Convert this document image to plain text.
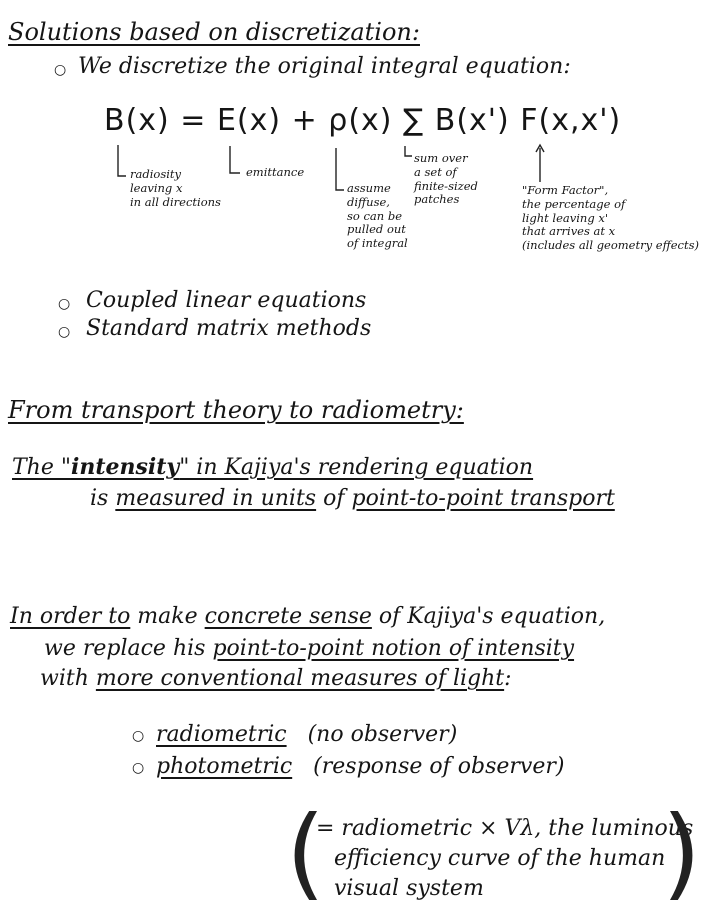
Solutions based on discretization:
○ We discretize the original integral equation:
B(x) = E(x) + ρ(x) ∑ B(x') F(x,x')
radiosity
leaving x
in all directions
emittance
assume
diffuse,
so can be
pulled out
of integral
sum over
a set of
finite-sized
patches
"Form Factor",
the percentage of
light leaving x'
that arrives at x
(includes all geometry effects)
○ Coupled linear equations
○ Standard matrix methods
From transport theory to radiometry:
The "intensity" in Kajiya's rendering equation
is measured in units of point-to-point transport
In order to make concrete sense of Kajiya's equation,
we replace his point-to-point notion of intensity
with more conventional measures of light:
○ radiometric (no observer)
○ photometric (response of observer)
(
= radiometric × Vλ, the luminous
efficiency curve of the human
visual system )
